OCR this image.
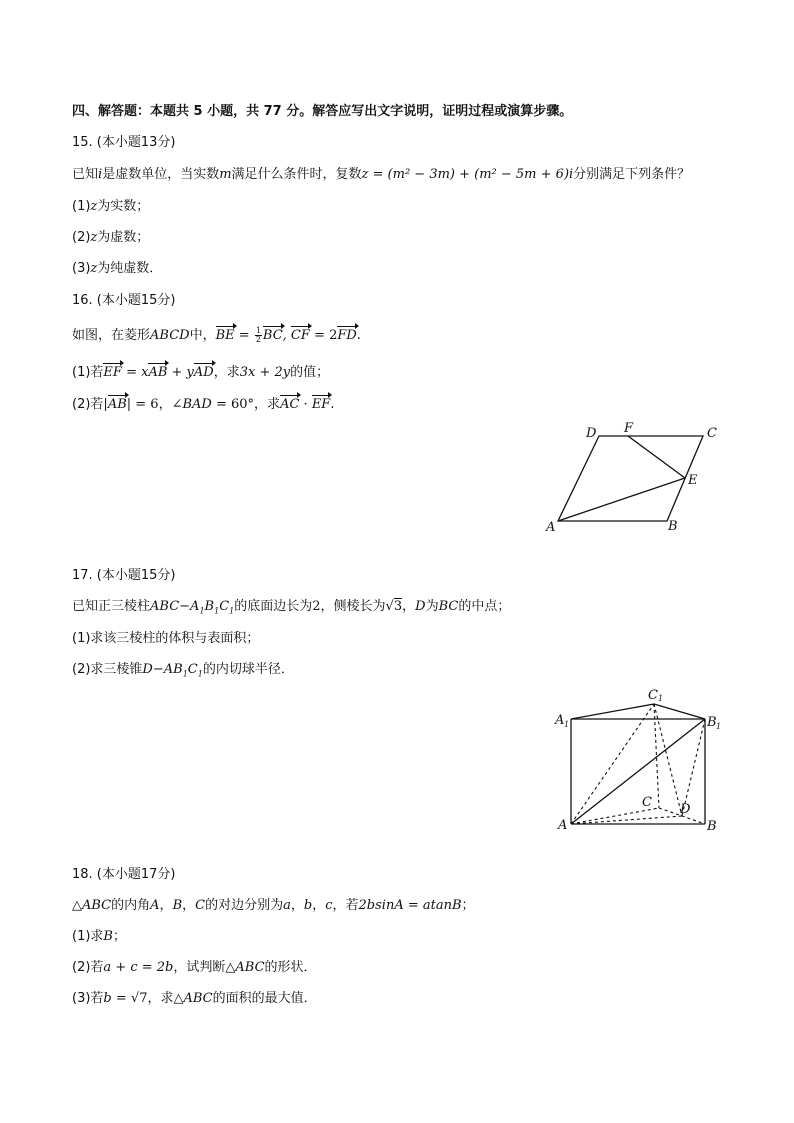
四、解答题：本题共 5 小题，共 77 分。解答应写出文字说明，证明过程或演算步骤。
15. (本小题13分)
已知i是虚数单位，当实数m满足什么条件时，复数z = (m² − 3m) + (m² − 5m + 6)i分别满足下列条件？
(1)z为实数；
(2)z为虚数；
(3)z为纯虚数．
16. (本小题15分)
如图，在菱形ABCD中，BE = $\frac{1}{2}$ BC, CF = 2FD.
(1)若EF = xAB + yAD，求3x + 2y的值；
(2)若|AB| = 6，∠BAD = 60°，求AC · EF.
D F	C
E
A	B
17. (本小题15分)
已知正三棱柱$ABC-A_1B_1C_1$的底面边长为2，侧棱长为√3，D为BC的中点；
(1)求该三棱柱的体积与表面积；
(2)求三棱锥$D-AB_1C_1$的内切球半径．
C 1
A 1	B 1
C D
A	B
18. (本小题17分)
△ABC的内角A，B，C的对边分别为a，b，c，若2bsinA = atanB；
(1)求B；
(2)若a + c = 2b，试判断△ABC的形状．
(3)若b = √7，求△ABC的面积的最大值．
